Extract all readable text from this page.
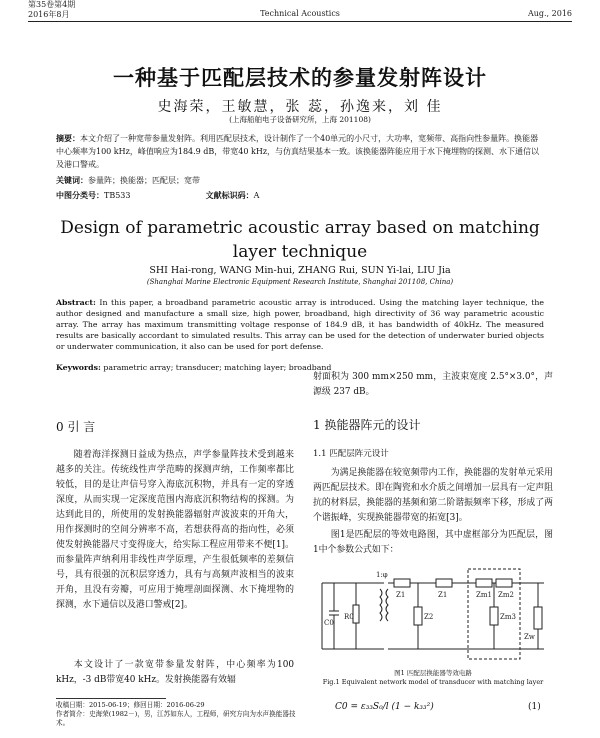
第35卷第4期
2016年8月	Technical Acoustics	Aug., 2016
一种基于匹配层技术的参量发射阵设计
史海荣，王敏慧，张 蕊，孙逸来，刘 佳
(上海船舶电子设备研究所，上海 201108)
摘要：本文介绍了一种宽带参量发射阵。利用匹配层技术，设计制作了一个40单元的小尺寸，大功率，宽频带、高指向性参量阵。换能器中心频率为100 kHz，峰值响应为184.9 dB，带宽40 kHz，与仿真结果基本一致。该换能器阵能应用于水下掩埋物的探测、水下通信以及港口警戒。
关键词：参量阵；换能器；匹配层；宽带
中图分类号：TB533	文献标识码：A
Design of parametric acoustic array based on matching
layer technique
SHI Hai-rong, WANG Min-hui, ZHANG Rui, SUN Yi-lai, LIU Jia
(Shanghai Marine Electronic Equipment Research Institute, Shanghai 201108, China)
Abstract: In this paper, a broadband parametric acoustic array is introduced. Using the matching layer technique, the author designed and manufacture a small size, high power, broadband, high directivity of 36 way parametric acoustic array. The array has maximum transmitting voltage response of 184.9 dB, it has bandwidth of 40kHz. The measured results are basically accordant to simulated results. This array can be used for the detection of underwater buried objects or underwater communication, it also can be used for port defense.
Keywords: parametric array; transducer; matching layer; broadband
0 引 言
随着海洋探测日益成为热点，声学参量阵技术受到越来越多的关注。传统线性声学范畴的探测声纳，工作频率都比较低，目的是让声信号穿入海底沉积物，并具有一定的穿透深度，从而实现一定深度范围内海底沉积物结构的探测。为达到此目的，所使用的发射换能器辐射声波波束的开角大，用作探测时的空间分辨率不高，若想获得高的指向性，必须使发射换能器尺寸变得庞大，给实际工程应用带来不便[1]。而参量阵声纳利用非线性声学原理，产生很低频率的差频信号，具有很强的沉积层穿透力，具有与高频声波相当的波束开角，且没有旁瓣，可应用于掩埋剖面探测、水下掩埋物的探测，水下通信以及港口警戒[2]。
本文设计了一款宽带参量发射阵，中心频率为100 kHz，-3 dB带宽40 kHz。发射换能器有效辐
收稿日期：2015-06-19；修回日期：2016-06-29
作者简介：史海荣(1982－)，男，江苏如东人，工程师，研究方向为水声换能器技术。
射面积为 300 mm×250 mm，主波束宽度 2.5°×3.0°，声源级 237 dB。
1 换能器阵元的设计
1.1 匹配层阵元设计
为满足换能器在较宽频带内工作，换能器的发射单元采用两匹配层技术。即在陶瓷和水介质之间增加一层具有一定声阻抗的材料层，换能器的基频和第二阶谐振频率下移，形成了两个谐振峰，实现换能器带宽的拓宽[3]。
图1是匹配层的等效电路图，其中虚框部分为匹配层，图1中个参数公式如下：
C0
R0
1:φ
Z1
Z2
Z1	Zm1 Zm2
Zm3
Zw
图1 匹配层换能器等效电路
Fig.1 Equivalent network model of transducer with matching layer
C0 = ε₃₃S₀/l (1 − k₃₃²)	(1)
